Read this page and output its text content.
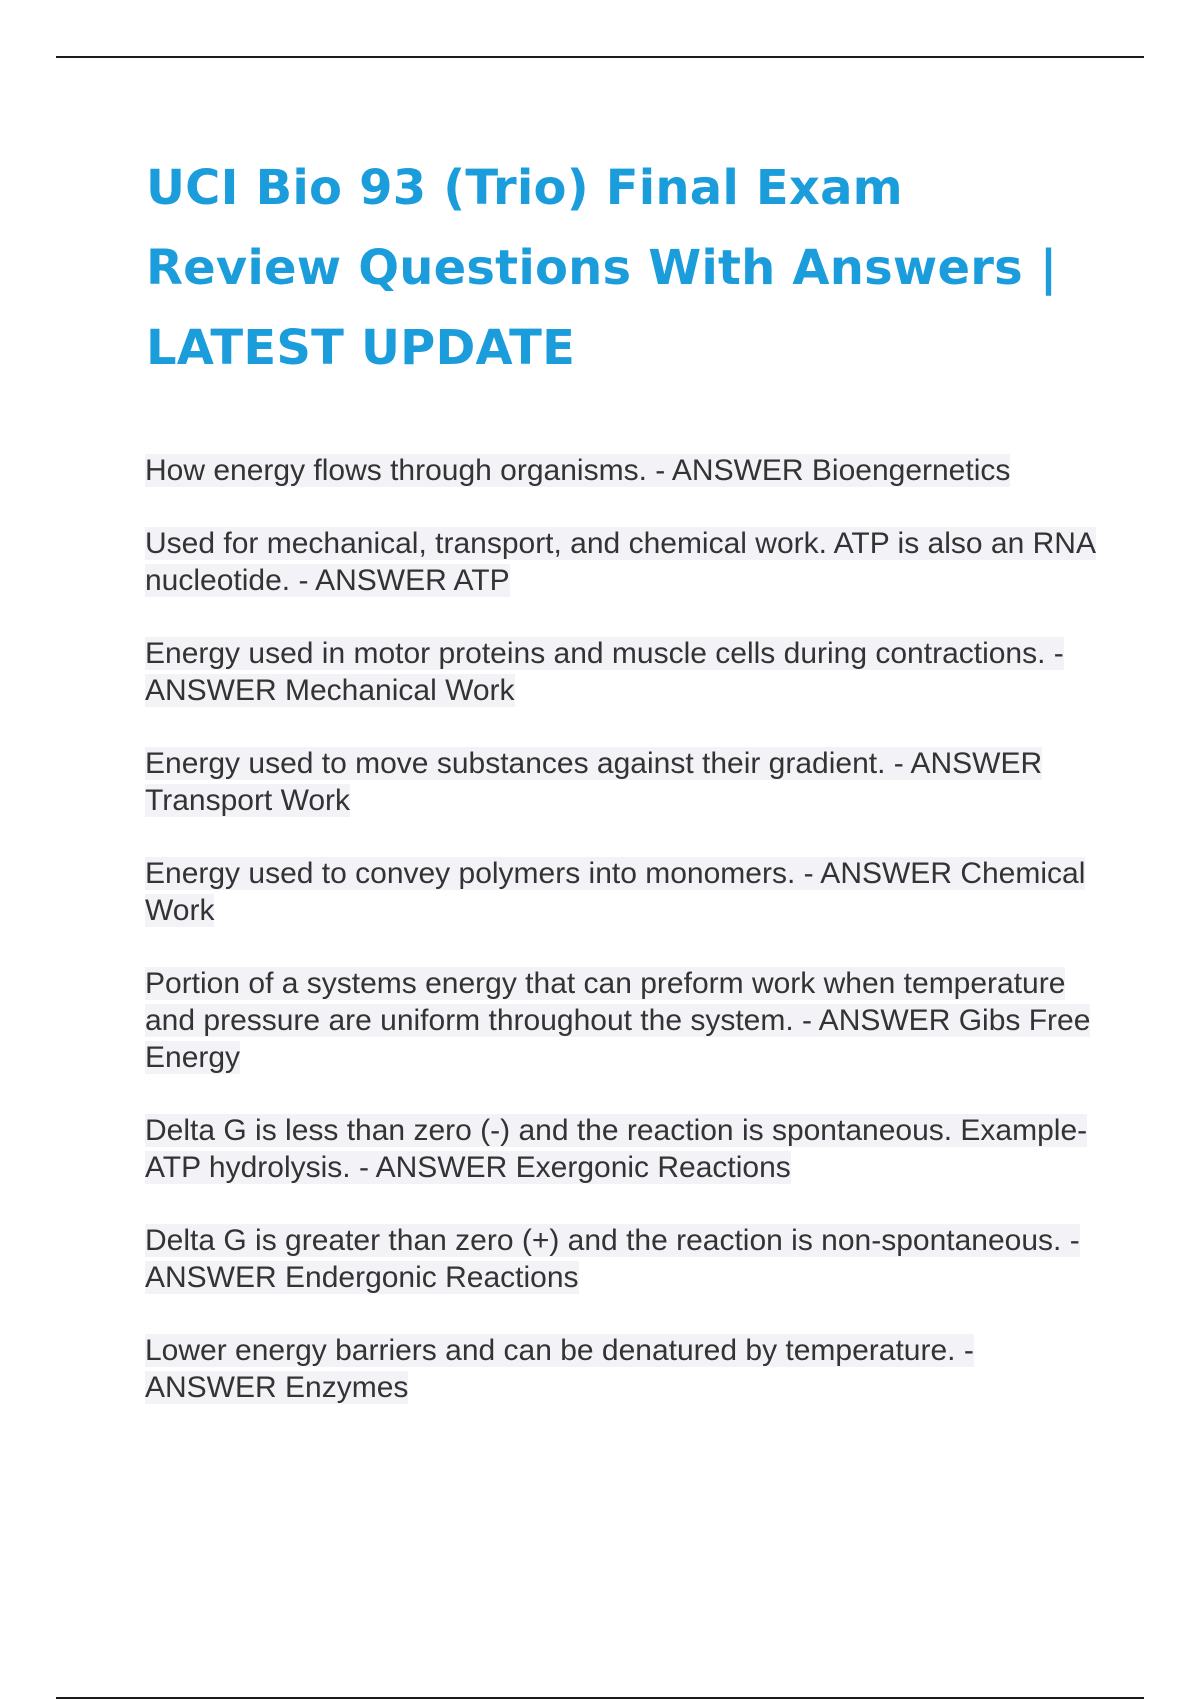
UCI Bio 93 (Trio) Final Exam Review Questions With Answers | LATEST UPDATE

How energy flows through organisms. - ANSWER Bioengernetics

Used for mechanical, transport, and chemical work. ATP is also an RNA nucleotide. - ANSWER ATP

Energy used in motor proteins and muscle cells during contractions. - ANSWER Mechanical Work

Energy used to move substances against their gradient. - ANSWER Transport Work

Energy used to convey polymers into monomers. - ANSWER Chemical Work

Portion of a systems energy that can preform work when temperature and pressure are uniform throughout the system. - ANSWER Gibs Free Energy

Delta G is less than zero (-) and the reaction is spontaneous. Example- ATP hydrolysis. - ANSWER Exergonic Reactions

Delta G is greater than zero (+) and the reaction is non-spontaneous. - ANSWER Endergonic Reactions

Lower energy barriers and can be denatured by temperature. - ANSWER Enzymes
